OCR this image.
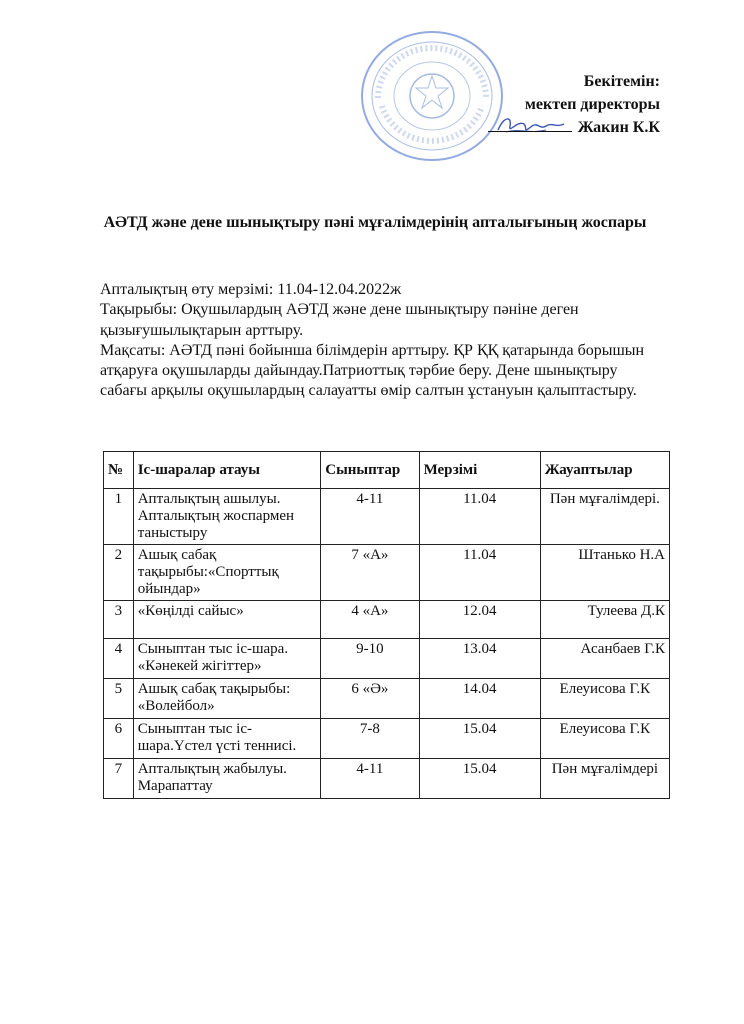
Бекітемін:
мектеп директоры
Жакин К.К
АӘТД және дене шынықтыру пәні мұғалімдерінің апталығының жоспары

Апталықтың өту мерзімі: 11.04-12.04.2022ж

Тақырыбы: Оқушылардың АӘТД және дене шынықтыру пәніне деген қызығушылықтарын арттыру.

Мақсаты: АӘТД пәні бойынша білімдерін арттыру. ҚР ҚҚ қатарында борышын атқаруға оқушыларды дайындау.Патриоттық тәрбие беру. Дене шынықтыру сабағы арқылы оқушылардың салауатты өмір салтын ұстануын қалыптастыру.

№	Іс-шаралар атауы	Сыныптар	Мерзімі	Жауаптылар
1	Апталықтың ашылуы. Апталықтың жоспармен таныстыру	4-11	11.04	Пән мұғалімдері.
2	Ашық сабақ тақырыбы:«Спорттық ойындар»	7 «А»	11.04	Штанько Н.А
3	«Көңілді сайыс»	4 «А»	12.04	Тулеева Д.К
4	Сыныптан тыс іс-шара. «Кәнекей жігіттер»	9-10	13.04	Асанбаев Г.К
5	Ашық сабақ тақырыбы: «Волейбол»	6 «Ә»	14.04	Елеуисова Г.К
6	Сыныптан тыс іс-шара.Үстел үсті теннисі.	7-8	15.04	Елеуисова Г.К
7	Апталықтың жабылуы. Марапаттау	4-11	15.04	Пән мұғалімдері
